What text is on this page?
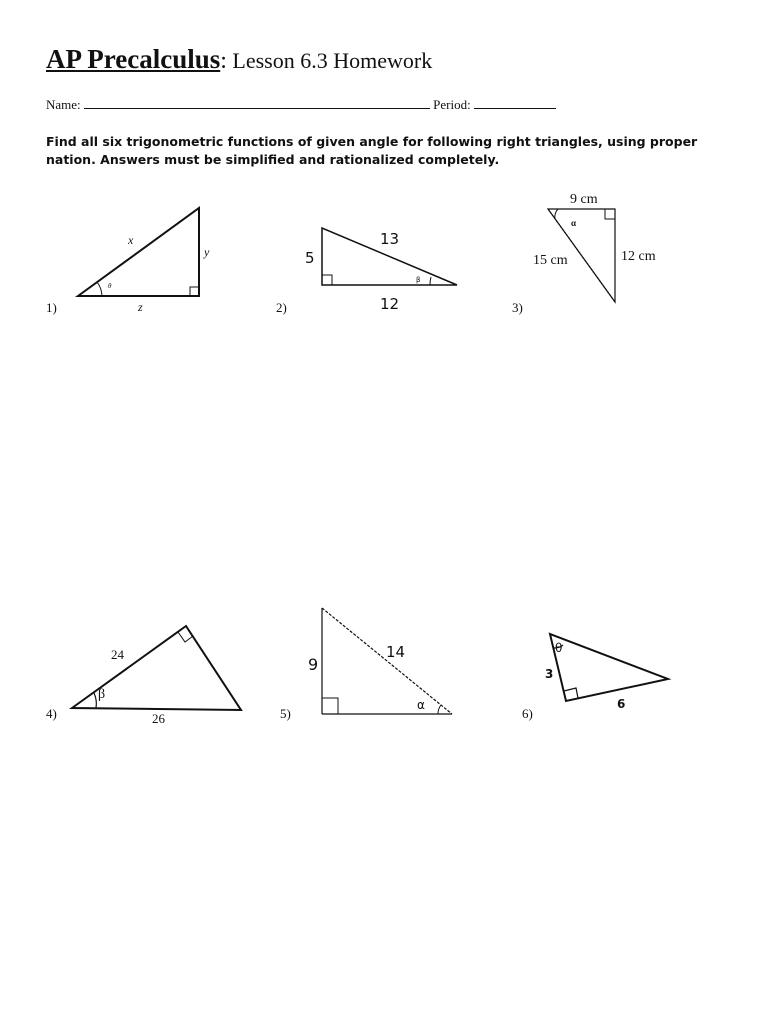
AP Precalculus: Lesson 6.3 Homework
Name:	Period:

Find all six trigonometric functions of given angle for following right triangles, using proper nation. Answers must be simplified and rationalized completely.

1)
θ
x
y
z	2)
β
13
5
12	3)
9 cm
α
15 cm	12 cm
4)
β
24
26	5)
α
9
14
6)
θ
3
6
